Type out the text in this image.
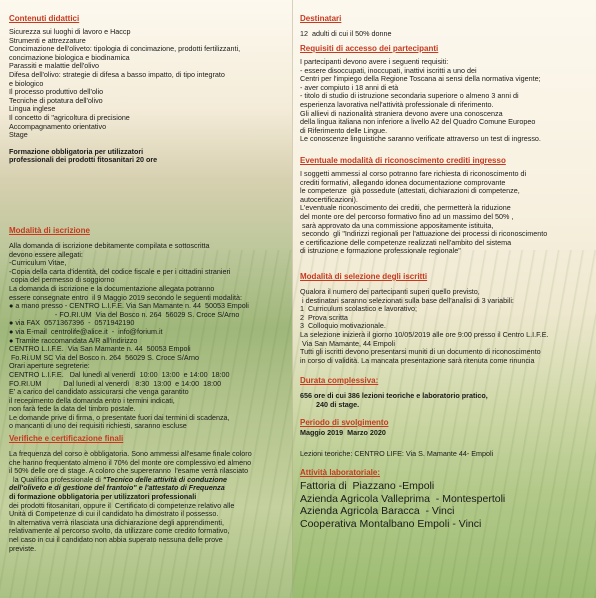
Contenuti didattici
Sicurezza sui luoghi di lavoro e Haccp
Strumenti e attrezzature
Concimazione dell'oliveto: tipologia di concimazione, prodotti fertilizzanti,
concimazione biologica e biodinamica
Parassiti e malattie dell'olivo
Difesa dell'olivo: strategie di difesa a basso impatto, di tipo integrato
e biologico
Il processo produttivo dell'olio
Tecniche di potatura dell'olivo
Lingua inglese
Il concetto di "agricoltura di precisione
Accompagnamento orientativo
Stage
Formazione obbligatoria per utilizzatori
professionali dei prodotti fitosanitari 20 ore
Modalità di iscrizione
Alla domanda di iscrizione debitamente compilata e sottoscritta
devono essere allegati:
-Curriculum Vitae,
-Copia della carta d'identità, del codice fiscale e per i cittadini stranieri
copia del permesso di soggiorno
La domanda di iscrizione e la documentazione allegata potranno
essere consegnate entro  il 9 Maggio 2019 secondo le seguenti modalità:
● a mano presso - CENTRO L.I.F.E. Via San Mamante n. 44  50053 Empoli
- FO.RI.UM  Via del Bosco n. 264  56029 S. Croce S/Arno
● via FAX  0571367396  -  0571942190
● via E-mail  centrolife@alice.it  -  info@forium.it
● Tramite raccomandata A/R all'indirizzo
CENTRO L.I.F.E.  Via San Mamante n. 44  50053 Empoli
Fo.Ri.UM SC Via del Bosco n. 264  56029 S. Croce S/Arno
Orari aperture segreterie:
CENTRO L.I.F.E.   Dal lunedì al venerdì  10:00  13:00  e 14:00  18:00
FO.RI.UM           Dal lunedì al venerdì   8:30  13:00  e 14:00  18:00
E' a carico del candidato assicurarsi che venga garantito
il recepimento della domanda entro i termini indicati,
non farà fede la data del timbro postale.
Le domande prive di firma, o presentate fuori dai termini di scadenza,
o mancanti di uno dei requisiti richiesti, saranno escluse
Verifiche e certificazione finali
La frequenza del corso è obbligatoria. Sono ammessi all'esame finale coloro
che hanno frequentato almeno il 70% del monte ore complessivo ed almeno
il 50% delle ore di stage. A coloro che supereranno  l'esame verrà rilasciato
la Qualifica professionale di "Tecnico delle attività di conduzione
dell'oliveto e di gestione del frantoio" e l'attestato di Frequenza
di formazione obbligatoria per utilizzatori professionali
dei prodotti fitosanitari, oppure il  Certificato di competenze relativo alle
Unità di Competenze di cui il candidato ha dimostrato il possesso.
In alternativa verrà rilasciata una dichiarazione degli apprendimenti,
relativamente al percorso svolto, da utilizzare come credito formativo,
nel caso in cui il candidato non abbia superato nessuna delle prove
previste.
Destinatari
12  adulti di cui il 50% donne
Requisiti di accesso dei partecipanti
I partecipanti devono avere i seguenti requisiti:
- essere disoccupati, inoccupati, inattivi iscritti a uno dei
Centri per l'impiego della Regione Toscana ai sensi della normativa vigente;
- aver compiuto i 18 anni di età
- titolo di studio di istruzione secondaria superiore o almeno 3 anni di
esperienza lavorativa nell'attività professionale di riferimento.
Gli allievi di nazionalità straniera devono avere una conoscenza
della lingua italiana non inferiore a livello A2 del Quadro Comune Europeo
di Riferimento delle Lingue.
Le conoscenze linguistiche saranno verificate attraverso un test di ingresso.
Eventuale modalità di riconoscimento crediti ingresso
I soggetti ammessi al corso potranno fare richiesta di riconoscimento di
crediti formativi, allegando idonea documentazione comprovante
le competenze  già possedute (attestati, dichiarazioni di competenze,
autocertificazioni).
L'eventuale riconoscimento dei crediti, che permetterà la riduzione
del monte ore del percorso formativo fino ad un massimo del 50% ,
sarà approvato da una commissione appositamente istituita,
secondo  gli "Indirizzi regionali per l'attuazione dei processi di riconoscimento
e certificazione delle competenze realizzati nell'ambito del sistema
di istruzione e formazione professionale regionale"
Modalità di selezione degli iscritti
Qualora il numero dei partecipanti superi quello previsto,
i destinatari saranno selezionati sulla base dell'analisi di 3 variabili:
1  Curriculum scolastico e lavorativo;
2  Prova scritta
3  Colloquio motivazionale.
La selezione inizierà il giorno 10/05/2019 alle ore 9:00 presso il Centro L.I.F.E.
Via San Mamante, 44 Empoli
Tutti gli iscritti devono presentarsi muniti di un documento di riconoscimento
in corso di validità. La mancata presentazione sarà ritenuta come rinuncia
Durata complessiva:
656 ore di cui 386 lezioni teoriche e laboratorio pratico,
240 di stage.
Periodo di svolgimento
Maggio 2019  Marzo 2020
Lezioni teoriche: CENTRO LIFE: Via S. Mamante 44- Empoli
Attività laboratoriale:
Fattoria di  Piazzano -Empoli
Azienda Agricola Valleprima  - Montespertoli
Azienda Agricola Baracca  - Vinci
Cooperativa Montalbano Empoli - Vinci
